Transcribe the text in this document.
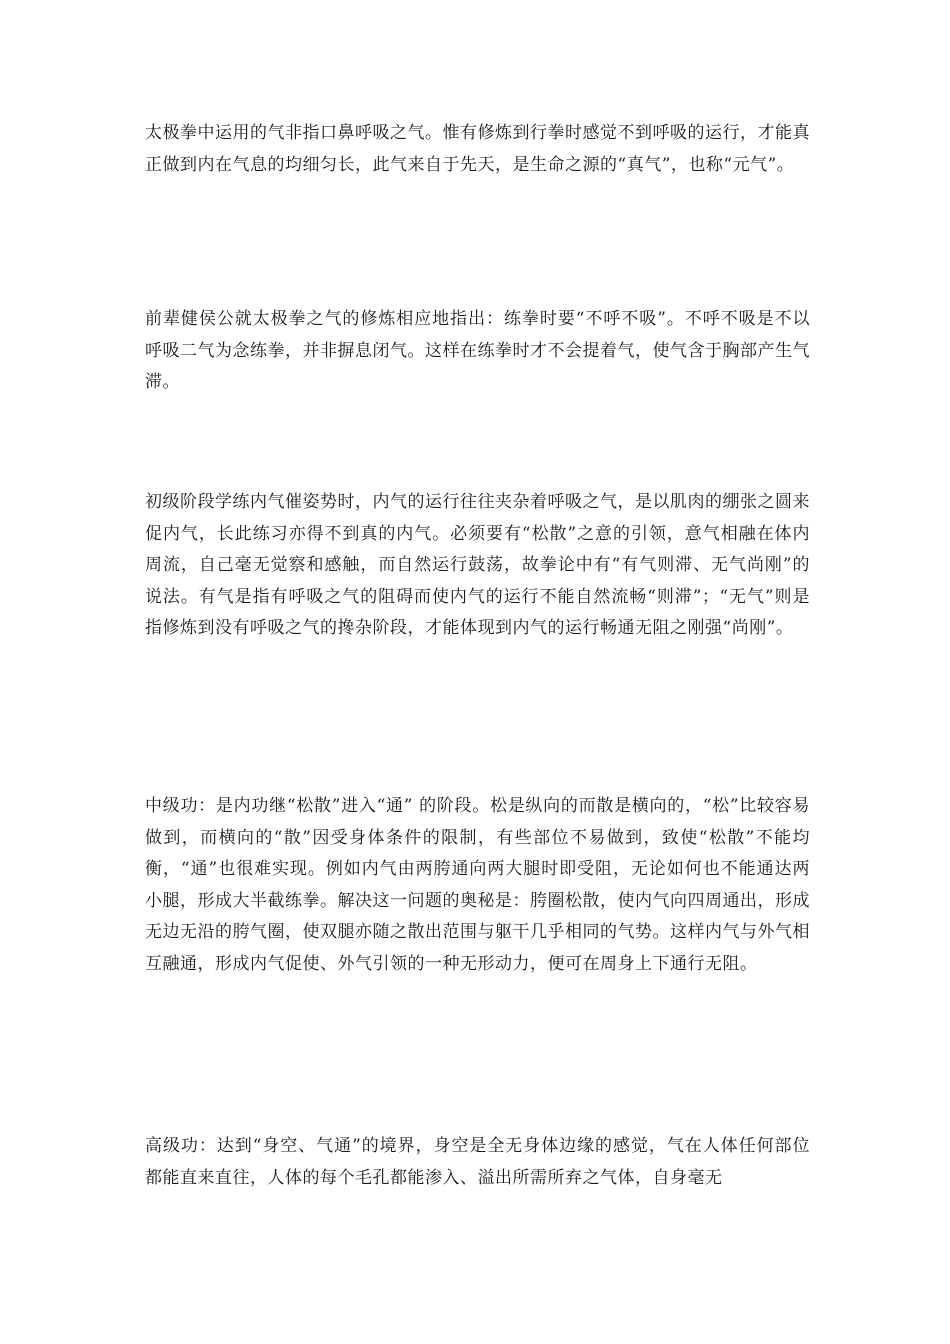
太极拳中运用的气非指口鼻呼吸之气。惟有修炼到行拳时感觉不到呼吸的运行，才能真正做到内在气息的均细匀长，此气来自于先天，是生命之源的“真气”，也称“元气”。

前辈健侯公就太极拳之气的修炼相应地指出：练拳时要“不呼不吸”。不呼不吸是不以呼吸二气为念练拳，并非摒息闭气。这样在练拳时才不会提着气，使气含于胸部产生气滞。

初级阶段学练内气催姿势时，内气的运行往往夹杂着呼吸之气，是以肌肉的绷张之圆来促内气，长此练习亦得不到真的内气。必须要有“松散”之意的引领，意气相融在体内周流，自己毫无觉察和感触，而自然运行鼓荡，故拳论中有“有气则滞、无气尚刚”的说法。有气是指有呼吸之气的阻碍而使内气的运行不能自然流畅“则滞”；“无气”则是指修炼到没有呼吸之气的搀杂阶段，才能体现到内气的运行畅通无阻之刚强“尚刚”。

中级功：是内功继“松散”进入“通” 的阶段。松是纵向的而散是横向的，“松”比较容易做到，而横向的“散”因受身体条件的限制，有些部位不易做到，致使“松散”不能均衡，“通”也很难实现。例如内气由两胯通向两大腿时即受阻，无论如何也不能通达两小腿，形成大半截练拳。解决这一问题的奥秘是：胯圈松散，使内气向四周通出，形成无边无沿的胯气圈，使双腿亦随之散出范围与躯干几乎相同的气势。这样内气与外气相互融通，形成内气促使、外气引领的一种无形动力，便可在周身上下通行无阻。

高级功：达到“身空、气通”的境界，身空是全无身体边缘的感觉，气在人体任何部位都能直来直往，人体的每个毛孔都能渗入、溢出所需所弃之气体，自身毫无
